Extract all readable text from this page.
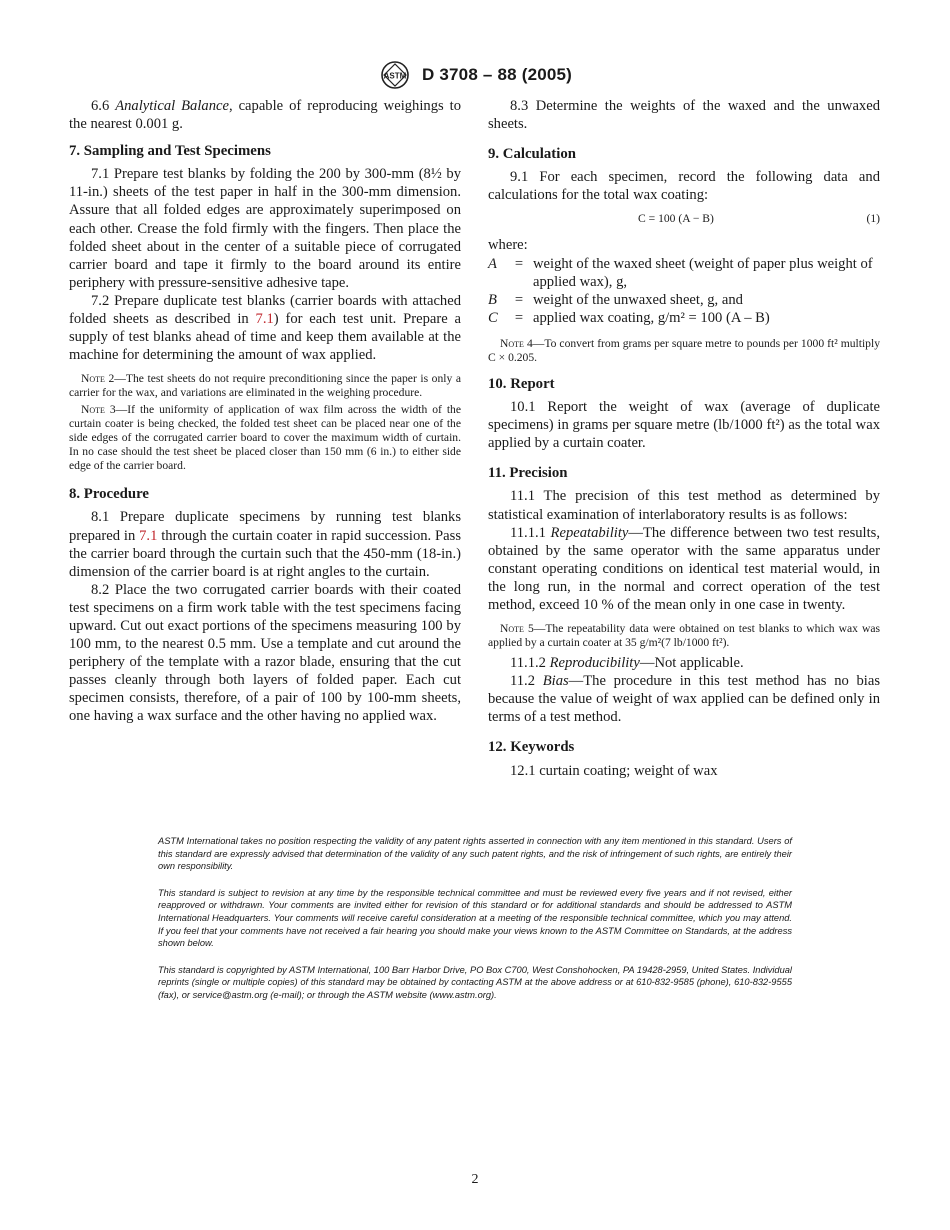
ASTM D 3708 – 88 (2005)

6.6 Analytical Balance, capable of reproducing weighings to the nearest 0.001 g.

7. Sampling and Test Specimens

7.1 Prepare test blanks by folding the 200 by 300-mm (8½ by 11-in.) sheets of the test paper in half in the 300-mm dimension. Assure that all folded edges are approximately superimposed on each other. Crease the fold firmly with the fingers. Then place the folded sheet about in the center of a suitable piece of corrugated carrier board and tape it firmly to the board around its entire periphery with pressure-sensitive adhesive tape.

7.2 Prepare duplicate test blanks (carrier boards with attached folded sheets as described in 7.1) for each test unit. Prepare a supply of test blanks ahead of time and keep them available at the machine for determining the amount of wax applied.

Note 2—The test sheets do not require preconditioning since the paper is only a carrier for the wax, and variations are eliminated in the weighing procedure.

Note 3—If the uniformity of application of wax film across the width of the curtain coater is being checked, the folded test sheet can be placed near one of the side edges of the corrugated carrier board to cover the maximum width of curtain. In no case should the test sheet be placed closer than 150 mm (6 in.) to either side edge of the carrier board.

8. Procedure

8.1 Prepare duplicate specimens by running test blanks prepared in 7.1 through the curtain coater in rapid succession. Pass the carrier board through the curtain such that the 450-mm (18-in.) dimension of the carrier board is at right angles to the curtain.

8.2 Place the two corrugated carrier boards with their coated test specimens on a firm work table with the test specimens facing upward. Cut out exact portions of the specimens measuring 100 by 100 mm, to the nearest 0.5 mm. Use a template and cut around the periphery of the template with a razor blade, ensuring that the cut passes cleanly through both layers of folded paper. Each cut specimen consists, therefore, of a pair of 100 by 100-mm sheets, one having a wax surface and the other having no applied wax.

8.3 Determine the weights of the waxed and the unwaxed sheets.

9. Calculation

9.1 For each specimen, record the following data and calculations for the total wax coating:

C = 100 (A − B)	(1)

where:

A	= weight of the waxed sheet (weight of paper plus weight of applied wax), g,
B	= weight of the unwaxed sheet, g, and
C	= applied wax coating, g/m² = 100 (A – B)

Note 4—To convert from grams per square metre to pounds per 1000 ft² multiply C × 0.205.

10. Report

10.1 Report the weight of wax (average of duplicate specimens) in grams per square metre (lb/1000 ft²) as the total wax applied by a curtain coater.

11. Precision

11.1 The precision of this test method as determined by statistical examination of interlaboratory results is as follows:

11.1.1 Repeatability—The difference between two test results, obtained by the same operator with the same apparatus under constant operating conditions on identical test material would, in the long run, in the normal and correct operation of the test method, exceed 10 % of the mean only in one case in twenty.

Note 5—The repeatability data were obtained on test blanks to which wax was applied by a curtain coater at 35 g/m²(7 lb/1000 ft²).

11.1.2 Reproducibility—Not applicable.

11.2 Bias—The procedure in this test method has no bias because the value of weight of wax applied can be defined only in terms of a test method.

12. Keywords

12.1 curtain coating; weight of wax

ASTM International takes no position respecting the validity of any patent rights asserted in connection with any item mentioned in this standard. Users of this standard are expressly advised that determination of the validity of any such patent rights, and the risk of infringement of such rights, are entirely their own responsibility.

This standard is subject to revision at any time by the responsible technical committee and must be reviewed every five years and if not revised, either reapproved or withdrawn. Your comments are invited either for revision of this standard or for additional standards and should be addressed to ASTM International Headquarters. Your comments will receive careful consideration at a meeting of the responsible technical committee, which you may attend. If you feel that your comments have not received a fair hearing you should make your views known to the ASTM Committee on Standards, at the address shown below.

This standard is copyrighted by ASTM International, 100 Barr Harbor Drive, PO Box C700, West Conshohocken, PA 19428-2959, United States. Individual reprints (single or multiple copies) of this standard may be obtained by contacting ASTM at the above address or at 610-832-9585 (phone), 610-832-9555 (fax), or service@astm.org (e-mail); or through the ASTM website (www.astm.org).

2
